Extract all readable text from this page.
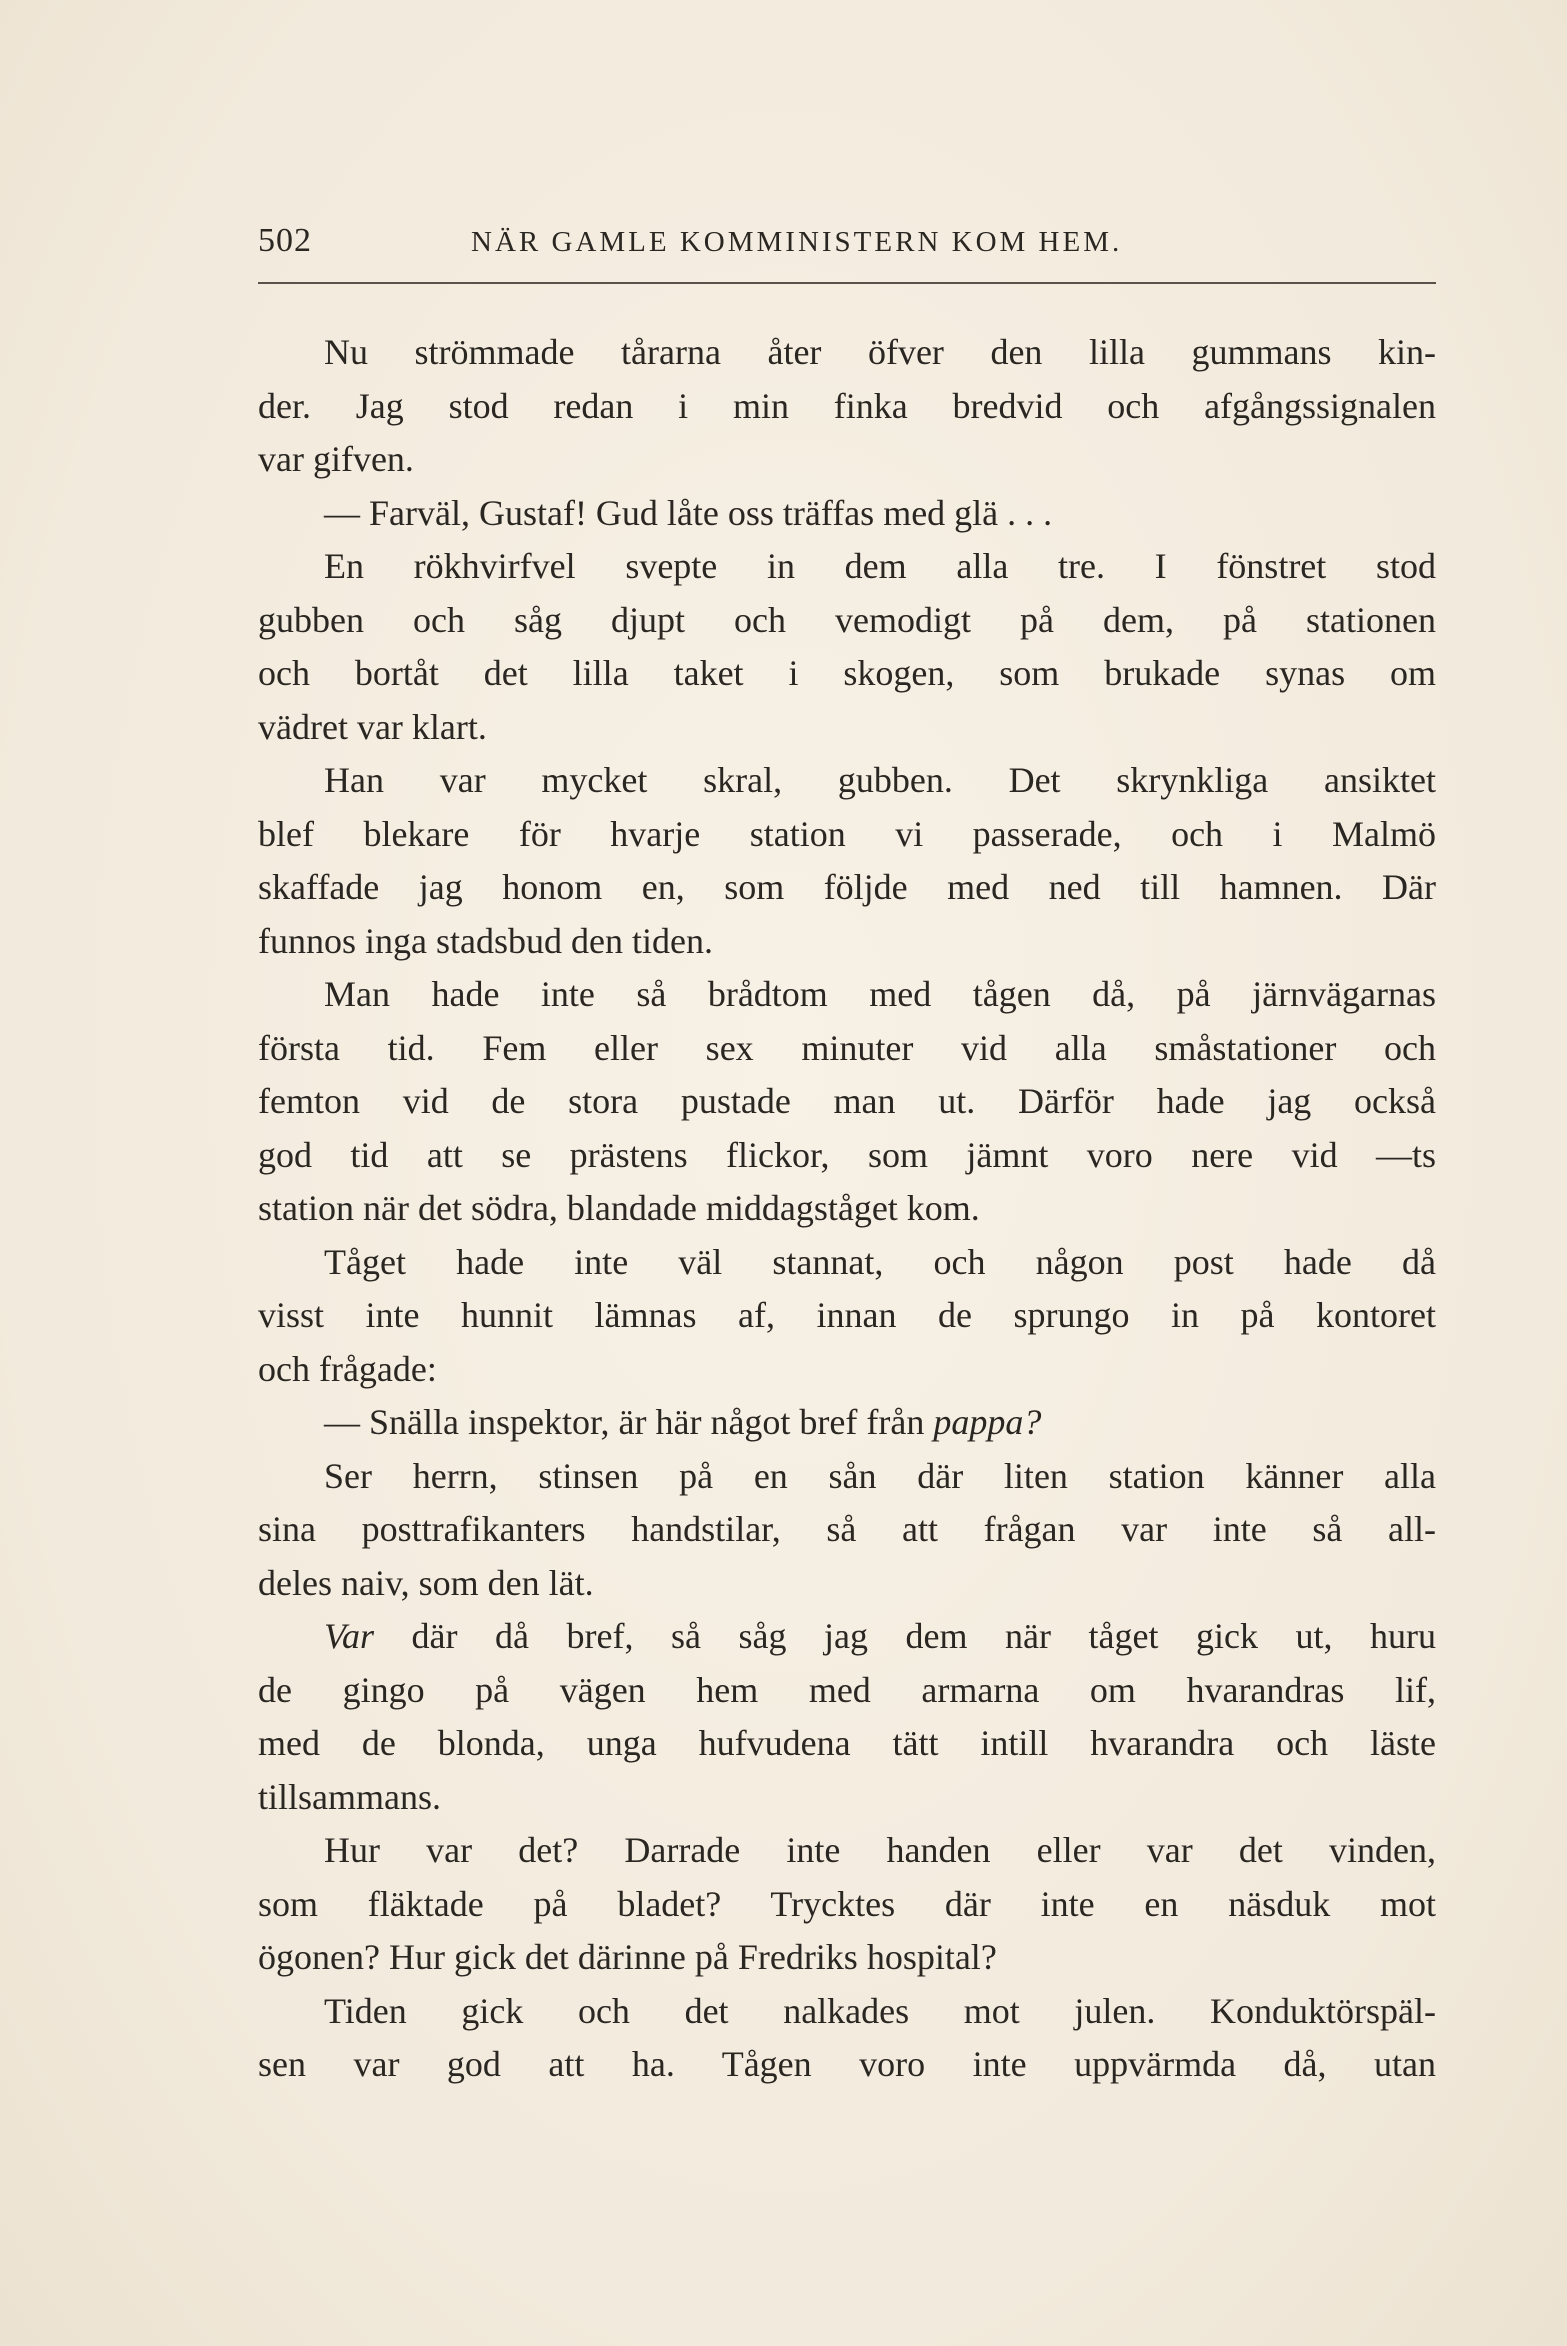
502	NÄR GAMLE KOMMINISTERN KOM HEM.
Nu strömmade tårarna åter öfver den lilla gummans kin-
der. Jag stod redan i min finka bredvid och afgångssignalen
var gifven.
— Farväl, Gustaf! Gud låte oss träffas med glä . . .
En rökhvirfvel svepte in dem alla tre. I fönstret stod
gubben och såg djupt och vemodigt på dem, på stationen
och bortåt det lilla taket i skogen, som brukade synas om
vädret var klart.
Han var mycket skral, gubben. Det skrynkliga ansiktet
blef blekare för hvarje station vi passerade, och i Malmö
skaffade jag honom en, som följde med ned till hamnen. Där
funnos inga stadsbud den tiden.
Man hade inte så brådtom med tågen då, på järnvägarnas
första tid. Fem eller sex minuter vid alla småstationer och
femton vid de stora pustade man ut. Därför hade jag också
god tid att se prästens flickor, som jämnt voro nere vid —ts
station när det södra, blandade middagståget kom.
Tåget hade inte väl stannat, och någon post hade då
visst inte hunnit lämnas af, innan de sprungo in på kontoret
och frågade:
— Snälla inspektor, är här något bref från pappa?
Ser herrn, stinsen på en sån där liten station känner alla
sina posttrafikanters handstilar, så att frågan var inte så all-
deles naiv, som den lät.
Var där då bref, så såg jag dem när tåget gick ut, huru
de gingo på vägen hem med armarna om hvarandras lif,
med de blonda, unga hufvudena tätt intill hvarandra och läste
tillsammans.
Hur var det? Darrade inte handen eller var det vinden,
som fläktade på bladet? Trycktes där inte en näsduk mot
ögonen? Hur gick det därinne på Fredriks hospital?
Tiden gick och det nalkades mot julen. Konduktörspäl-
sen var god att ha. Tågen voro inte uppvärmda då, utan
